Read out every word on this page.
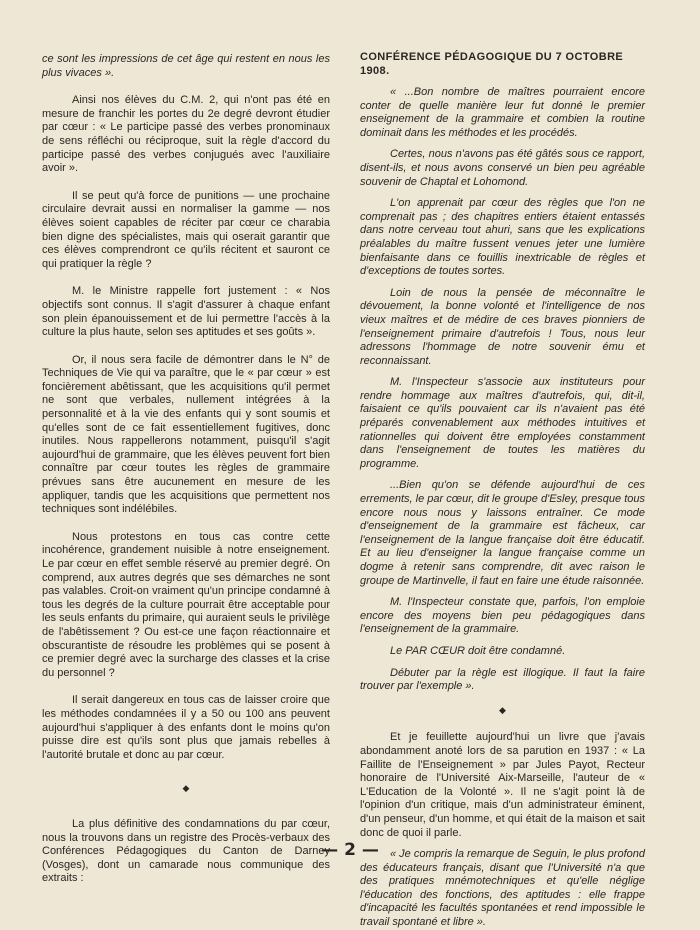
ce sont les impressions de cet âge qui restent en nous les plus vivaces ».

Ainsi nos élèves du C.M. 2, qui n'ont pas été en mesure de franchir les portes du 2e degré devront étudier par cœur : « Le participe passé des verbes pronominaux de sens réfléchi ou réciproque, suit la règle d'accord du participe passé des verbes conjugués avec l'auxiliaire avoir ».

Il se peut qu'à force de punitions — une prochaine circulaire devrait aussi en normaliser la gamme — nos élèves soient capables de réciter par cœur ce charabia bien digne des spécialistes, mais qui oserait garantir que ces élèves comprendront ce qu'ils récitent et sauront ce qui pratiquer la règle ?

M. le Ministre rappelle fort justement : « Nos objectifs sont connus. Il s'agit d'assurer à chaque enfant son plein épanouissement et de lui permettre l'accès à la culture la plus haute, selon ses aptitudes et ses goûts ».

Or, il nous sera facile de démontrer dans le N° de Techniques de Vie qui va paraître, que le « par cœur » est foncièrement abêtissant, que les acquisitions qu'il permet ne sont que verbales, nullement intégrées à la personnalité et à la vie des enfants qui y sont soumis et qu'elles sont de ce fait essentiellement fugitives, donc inutiles. Nous rappellerons notamment, puisqu'il s'agit aujourd'hui de grammaire, que les élèves peuvent fort bien connaître par cœur toutes les règles de grammaire prévues sans être aucunement en mesure de les appliquer, tandis que les acquisitions que permettent nos techniques sont indélébiles.

Nous protestons en tous cas contre cette incohérence, grandement nuisible à notre enseignement. Le par cœur en effet semble réservé au premier degré. On comprend, aux autres degrés que ses démarches ne sont pas valables. Croit-on vraiment qu'un principe condamné à tous les degrés de la culture pourrait être acceptable pour les seuls enfants du primaire, qui auraient seuls le privilège de l'abêtissement ? Ou est-ce une façon réactionnaire et obscurantiste de résoudre les problèmes qui se posent à ce premier degré avec la surcharge des classes et la crise du personnel ?

Il serait dangereux en tous cas de laisser croire que les méthodes condamnées il y a 50 ou 100 ans peuvent aujourd'hui s'appliquer à des enfants dont le moins qu'on puisse dire est qu'ils sont plus que jamais rebelles à l'autorité brutale et donc au par cœur.

◆

La plus définitive des condamnations du par cœur, nous la trouvons dans un registre des Procès-verbaux des Conférences Pédagogiques du Canton de Darney (Vosges), dont un camarade nous communique des extraits :

CONFÉRENCE PÉDAGOGIQUE DU 7 OCTOBRE 1908.

« ...Bon nombre de maîtres pourraient encore conter de quelle manière leur fut donné le premier enseignement de la grammaire et combien la routine dominait dans les méthodes et les procédés.

Certes, nous n'avons pas été gâtés sous ce rapport, disent-ils, et nous avons conservé un bien peu agréable souvenir de Chaptal et Lohomond.

L'on apprenait par cœur des règles que l'on ne comprenait pas ; des chapitres entiers étaient entassés dans notre cerveau tout ahuri, sans que les explications préalables du maître fussent venues jeter une lumière bienfaisante dans ce fouillis inextricable de règles et d'exceptions de toutes sortes.

Loin de nous la pensée de méconnaître le dévouement, la bonne volonté et l'intelligence de nos vieux maîtres et de médire de ces braves pionniers de l'enseignement primaire d'autrefois ! Tous, nous leur adressons l'hommage de notre souvenir ému et reconnaissant.

M. l'Inspecteur s'associe aux instituteurs pour rendre hommage aux maîtres d'autrefois, qui, dit-il, faisaient ce qu'ils pouvaient car ils n'avaient pas été préparés convenablement aux méthodes intuitives et rationnelles qui doivent être employées constamment dans l'enseignement de toutes les matières du programme.

...Bien qu'on se défende aujourd'hui de ces errements, le par cœur, dit le groupe d'Esley, presque tous encore nous nous y laissons entraîner. Ce mode d'enseignement de la grammaire est fâcheux, car l'enseignement de la langue française doit être éducatif. Et au lieu d'enseigner la langue française comme un dogme à retenir sans comprendre, dit avec raison le groupe de Martinvelle, il faut en faire une étude raisonnée.

M. l'Inspecteur constate que, parfois, l'on emploie encore des moyens bien peu pédagogiques dans l'enseignement de la grammaire.

Le PAR CŒUR doit être condamné.

Débuter par la règle est illogique. Il faut la faire trouver par l'exemple ».

◆

Et je feuillette aujourd'hui un livre que j'avais abondamment anoté lors de sa parution en 1937 : « La Faillite de l'Enseignement » par Jules Payot, Recteur honoraire de l'Université Aix-Marseille, l'auteur de « L'Education de la Volonté ». Il ne s'agit point là de l'opinion d'un critique, mais d'un administrateur éminent, d'un penseur, d'un homme, et qui était de la maison et sait donc de quoi il parle.

« Je compris la remarque de Seguin, le plus profond des éducateurs français, disant que l'Université n'a que des pratiques mnémotechniques et qu'elle néglige l'éducation des fonctions, des aptitudes : elle frappe d'incapacité les facultés spontanées et rend impossible le travail spontané et libre ».

— 2 —
